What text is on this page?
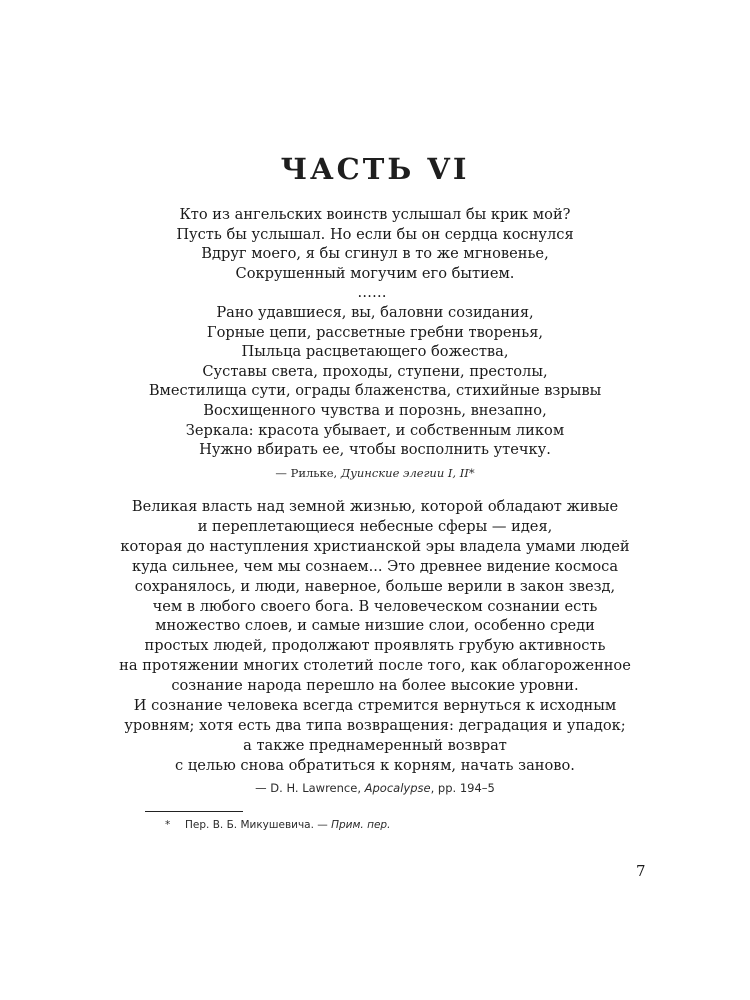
ЧАСТЬ VI
Кто из ангельских воинств услышал бы крик мой?
Пусть бы услышал. Но если бы он сердца коснулся
Вдруг моего, я бы сгинул в то же мгновенье,
Сокрушенный могучим его бытием.
……
Рано удавшиеся, вы, баловни созидания,
Горные цепи, рассветные гребни творенья,
Пыльца расцветающего божества,
Суставы света, проходы, ступени, престолы,
Вместилища сути, ограды блаженства, стихийные взрывы
Восхищенного чувства и порознь, внезапно,
Зеркала: красота убывает, и собственным ликом
Нужно вбирать ее, чтобы восполнить утечку.
— Рильке, Дуинские элегии I, II*
Великая власть над земной жизнью, которой обладают живые
и переплетающиеся небесные сферы — идея,
которая до наступления христианской эры владела умами людей
куда сильнее, чем мы сознаем... Это древнее видение космоса
сохранялось, и люди, наверное, больше верили в закон звезд,
чем в любого своего бога. В человеческом сознании есть
множество слоев, и самые низшие слои, особенно среди
простых людей, продолжают проявлять грубую активность
на протяжении многих столетий после того, как облагороженное
сознание народа перешло на более высокие уровни.
И сознание человека всегда стремится вернуться к исходным
уровням; хотя есть два типа возвращения: деградация и упадок;
а также преднамеренный возврат
с целью снова обратиться к корням, начать заново.
— D. H. Lawrence, Apocalypse, pp. 194–5
* Пер. В. Б. Микушевича. — Прим. пер.
7
